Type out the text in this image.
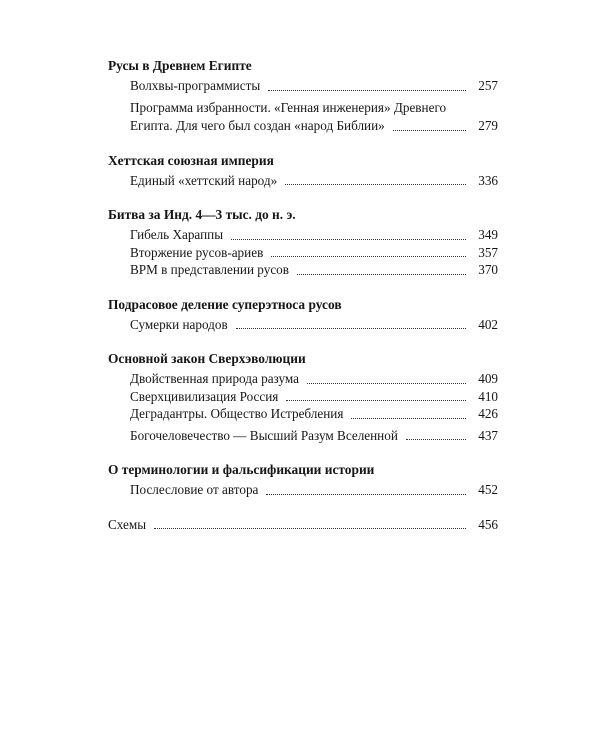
Русы в Древнем Египте
Волхвы-программисты	257
Программа избранности. «Генная инженерия» Древнего
Египта. Для чего был создан «народ Библии»	279
Хеттская союзная империя
Единый «хеттский народ»	336
Битва за Инд. 4—3 тыс. до н. э.
Гибель Хараппы	349
Вторжение русов-ариев	357
ВРМ в представлении русов	370
Подрасовое деление суперэтноса русов
Сумерки народов	402
Основной закон Сверхэволюции
Двойственная природа разума	409
Сверхцивилизация Россия	410
Деградантры. Общество Истребления	426
Богочеловечество — Высший Разум Вселенной	437
О терминологии и фальсификации истории
Послесловие от автора	452
Схемы	456
